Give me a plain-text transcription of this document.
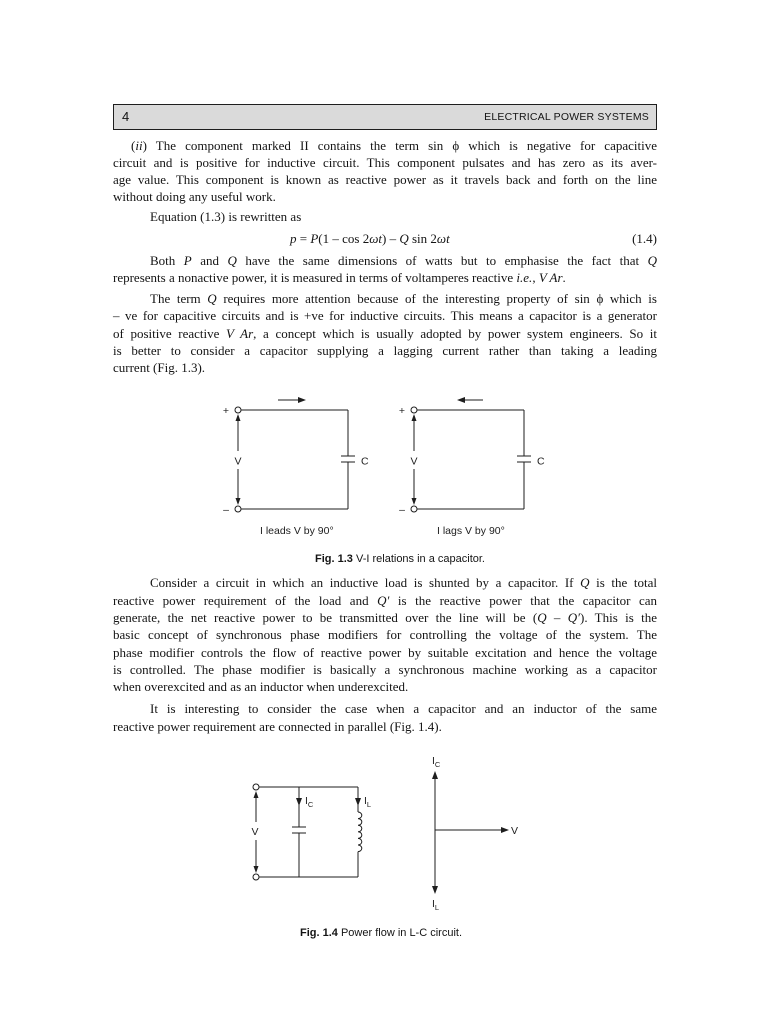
4	ELECTRICAL POWER SYSTEMS
(ii) The component marked II contains the term sin ϕ which is negative for capacitive
circuit and is positive for inductive circuit. This component pulsates and has zero as its aver-
age value. This component is known as reactive power as it travels back and forth on the line
without doing any useful work.
Equation (1.3) is rewritten as
p = P(1 – cos 2ωt) – Q sin 2ωt	(1.4)
Both P and Q have the same dimensions of watts but to emphasise the fact that Q
represents a nonactive power, it is measured in terms of voltamperes reactive i.e., V Ar.
The term Q requires more attention because of the interesting property of sin ϕ which is
– ve for capacitive circuits and is +ve for inductive circuits. This means a capacitor is a generator
of positive reactive V Ar, a concept which is usually adopted by power system engineers. So it
is better to consider a capacitor supplying a lagging current rather than taking a leading
current (Fig. 1.3).
+
–
V	C
I leads V by 90°
+
–
V	C
I lags V by 90°
Fig. 1.3 V-I relations in a capacitor.
Consider a circuit in which an inductive load is shunted by a capacitor. If Q is the total
reactive power requirement of the load and Q′ is the reactive power that the capacitor can
generate, the net reactive power to be transmitted over the line will be (Q – Q′). This is the
basic concept of synchronous phase modifiers for controlling the voltage of the system. The
phase modifier controls the flow of reactive power by suitable excitation and hence the voltage
is controlled. The phase modifier is basically a synchronous machine working as a capacitor
when overexcited and as an inductor when underexcited.
It is interesting to consider the case when a capacitor and an inductor of the same
reactive power requirement are connected in parallel (Fig. 1.4).
V
$I_C$	$I_L$
V
$I_C$
$I_L$
Fig. 1.4 Power flow in L-C circuit.
